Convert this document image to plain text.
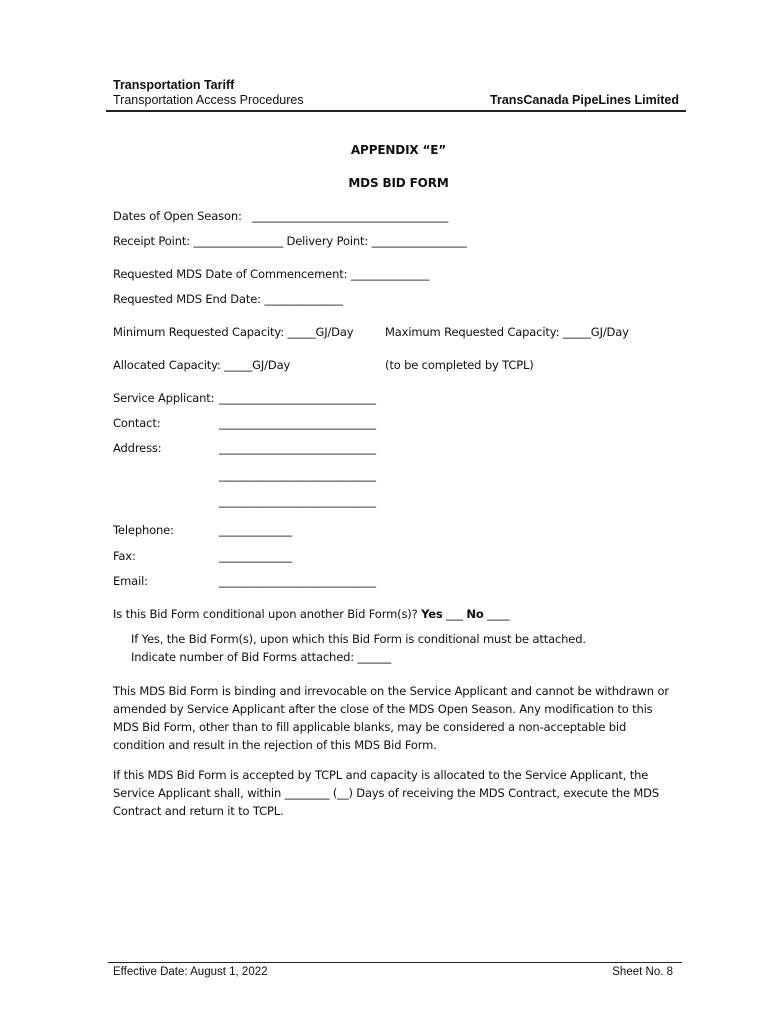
Transportation Tariff
Transportation Access Procedures	TransCanada PipeLines Limited
APPENDIX “E”
MDS BID FORM
Dates of Open Season:   ___________________________________
Receipt Point: ________________ Delivery Point: _________________
Requested MDS Date of Commencement: ______________
Requested MDS End Date: ______________
Minimum Requested Capacity: _____GJ/Day	Maximum Requested Capacity: _____GJ/Day
Allocated Capacity: _____GJ/Day	(to be completed by TCPL)
Service Applicant: ____________________________
Contact:	____________________________
Address:	____________________________
____________________________
____________________________
Telephone:	_____________
Fax:	_____________
Email:	____________________________
Is this Bid Form conditional upon another Bid Form(s)? Yes ___ No ____
If Yes, the Bid Form(s), upon which this Bid Form is conditional must be attached.
Indicate number of Bid Forms attached: ______
This MDS Bid Form is binding and irrevocable on the Service Applicant and cannot be withdrawn or amended by Service Applicant after the close of the MDS Open Season. Any modification to this MDS Bid Form, other than to fill applicable blanks, may be considered a non-acceptable bid condition and result in the rejection of this MDS Bid Form.
If this MDS Bid Form is accepted by TCPL and capacity is allocated to the Service Applicant, the Service Applicant shall, within ________ (__) Days of receiving the MDS Contract, execute the MDS Contract and return it to TCPL.
Effective Date: August 1, 2022	Sheet No. 8
